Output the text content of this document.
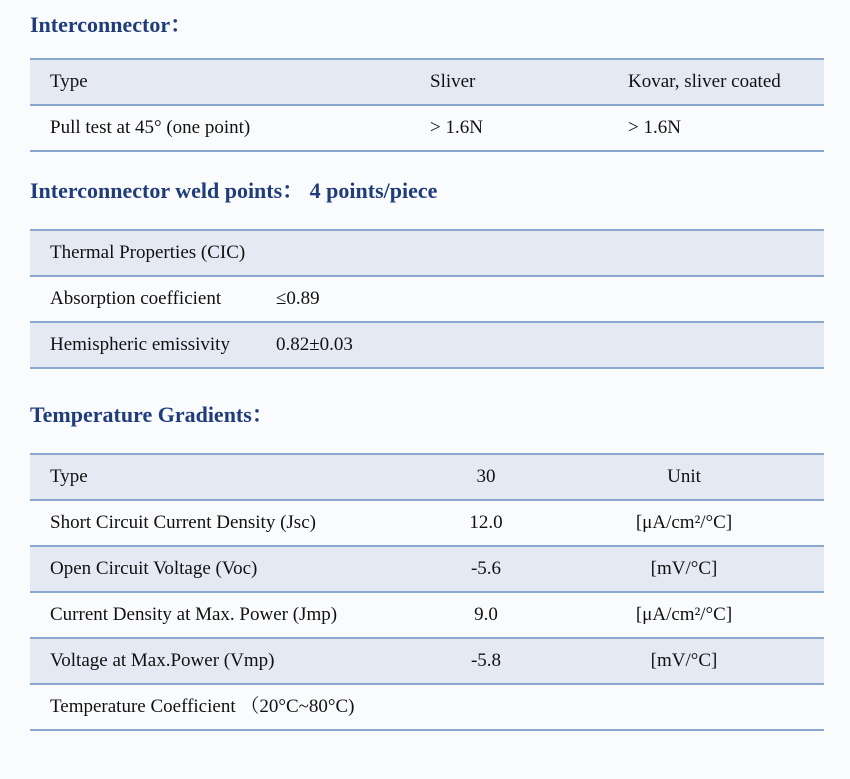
Interconnector：
Type	Sliver	Kovar, sliver coated
Pull test at 45° (one point)	> 1.6N	> 1.6N
Interconnector weld points： 4 points/piece
Thermal Properties (CIC)
Absorption coefficient	≤0.89
Hemispheric emissivity 0.82±0.03
Temperature Gradients：
Type	30	Unit
Short Circuit Current Density (Jsc)	12.0	[μA/cm²/°C]
Open Circuit Voltage (Voc)	-5.6	[mV/°C]
Current Density at Max. Power (Jmp)	9.0	[μA/cm²/°C]
Voltage at Max.Power (Vmp)	-5.8	[mV/°C]
Temperature Coefficient （20°C~80°C)
